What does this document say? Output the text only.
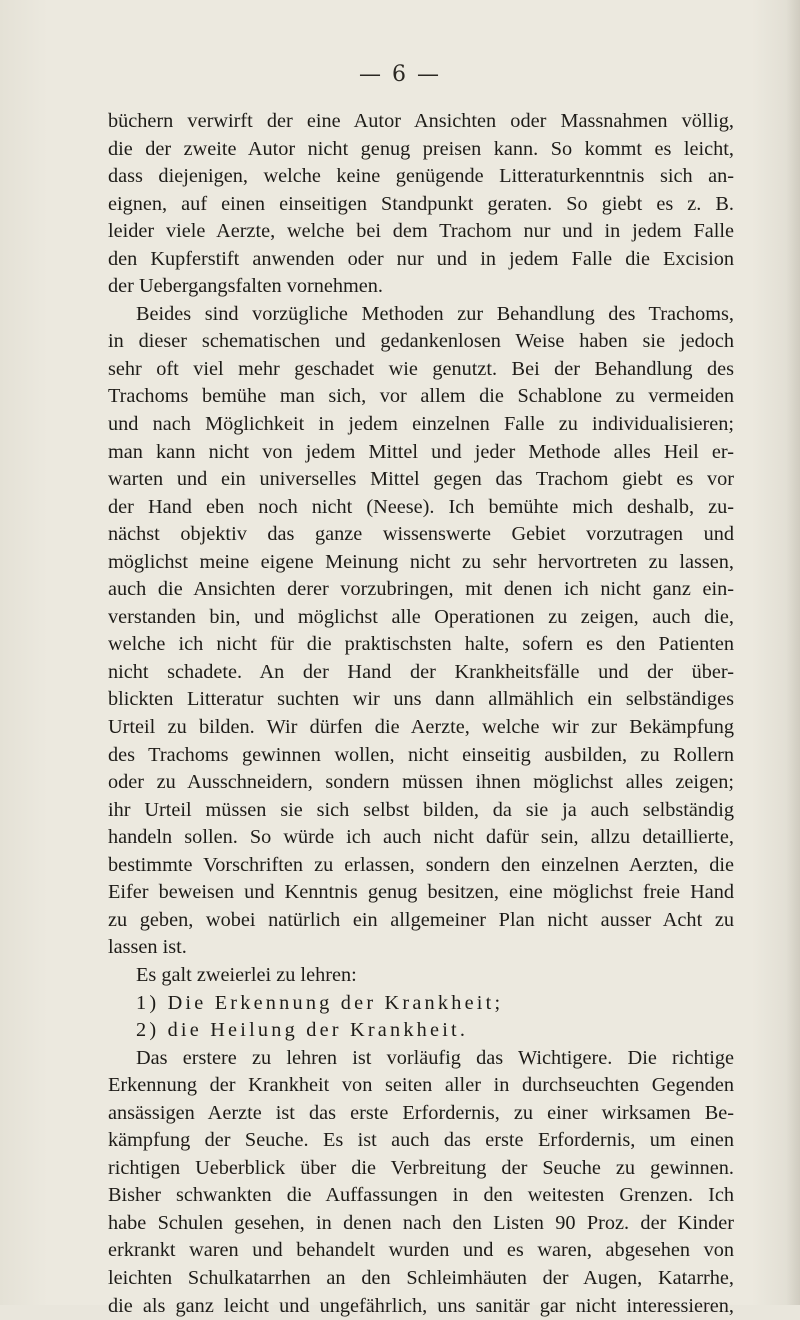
— 6 —
büchern verwirft der eine Autor Ansichten oder Massnahmen völlig,
die der zweite Autor nicht genug preisen kann. So kommt es leicht,
dass diejenigen, welche keine genügende Litteraturkenntnis sich an-
eignen, auf einen einseitigen Standpunkt geraten. So giebt es z. B.
leider viele Aerzte, welche bei dem Trachom nur und in jedem Falle
den Kupferstift anwenden oder nur und in jedem Falle die Excision
der Uebergangsfalten vornehmen.
Beides sind vorzügliche Methoden zur Behandlung des Trachoms,
in dieser schematischen und gedankenlosen Weise haben sie jedoch
sehr oft viel mehr geschadet wie genutzt. Bei der Behandlung des
Trachoms bemühe man sich, vor allem die Schablone zu vermeiden
und nach Möglichkeit in jedem einzelnen Falle zu individualisieren;
man kann nicht von jedem Mittel und jeder Methode alles Heil er-
warten und ein universelles Mittel gegen das Trachom giebt es vor
der Hand eben noch nicht (Neese). Ich bemühte mich deshalb, zu-
nächst objektiv das ganze wissenswerte Gebiet vorzutragen und
möglichst meine eigene Meinung nicht zu sehr hervortreten zu lassen,
auch die Ansichten derer vorzubringen, mit denen ich nicht ganz ein-
verstanden bin, und möglichst alle Operationen zu zeigen, auch die,
welche ich nicht für die praktischsten halte, sofern es den Patienten
nicht schadete. An der Hand der Krankheitsfälle und der über-
blickten Litteratur suchten wir uns dann allmählich ein selbständiges
Urteil zu bilden. Wir dürfen die Aerzte, welche wir zur Bekämpfung
des Trachoms gewinnen wollen, nicht einseitig ausbilden, zu Rollern
oder zu Ausschneidern, sondern müssen ihnen möglichst alles zeigen;
ihr Urteil müssen sie sich selbst bilden, da sie ja auch selbständig
handeln sollen. So würde ich auch nicht dafür sein, allzu detaillierte,
bestimmte Vorschriften zu erlassen, sondern den einzelnen Aerzten, die
Eifer beweisen und Kenntnis genug besitzen, eine möglichst freie Hand
zu geben, wobei natürlich ein allgemeiner Plan nicht ausser Acht zu
lassen ist.
Es galt zweierlei zu lehren:
1) Die Erkennung der Krankheit;
2) die Heilung der Krankheit.
Das erstere zu lehren ist vorläufig das Wichtigere. Die richtige
Erkennung der Krankheit von seiten aller in durchseuchten Gegenden
ansässigen Aerzte ist das erste Erfordernis, zu einer wirksamen Be-
kämpfung der Seuche. Es ist auch das erste Erfordernis, um einen
richtigen Ueberblick über die Verbreitung der Seuche zu gewinnen.
Bisher schwankten die Auffassungen in den weitesten Grenzen. Ich
habe Schulen gesehen, in denen nach den Listen 90 Proz. der Kinder
erkrankt waren und behandelt wurden und es waren, abgesehen von
leichten Schulkatarrhen an den Schleimhäuten der Augen, Katarrhe,
die als ganz leicht und ungefährlich, uns sanitär gar nicht interessieren,
